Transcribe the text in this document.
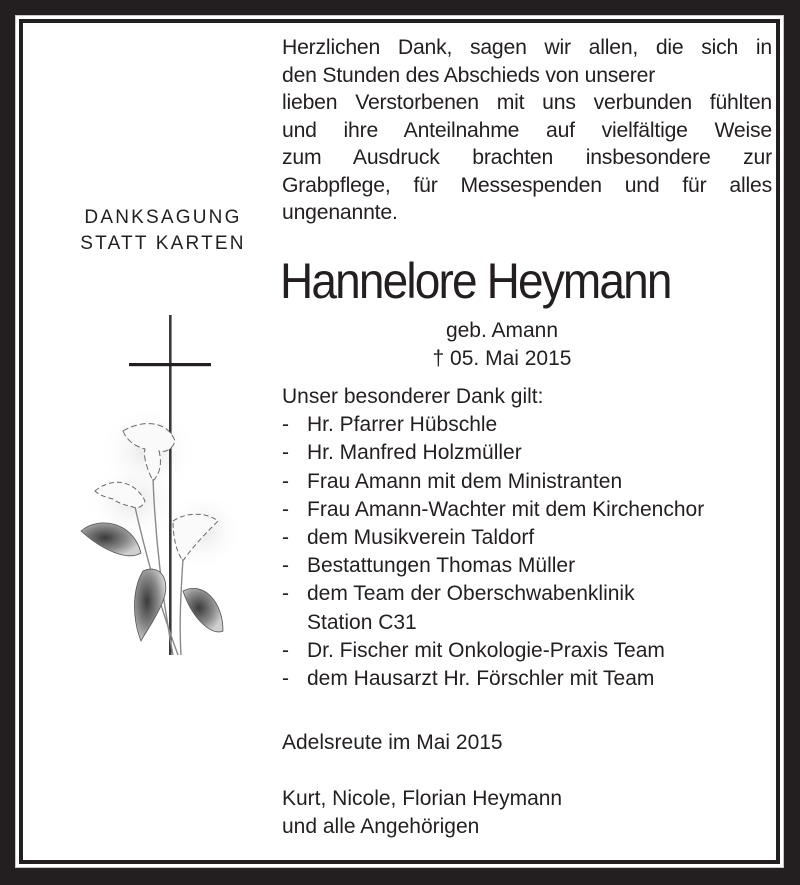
DANKSAGUNG
STATT KARTEN
Herzlichen Dank, sagen wir allen, die sich in
den Stunden des Abschieds von unserer
lieben Verstorbenen mit uns verbunden fühlten
und ihre Anteilnahme auf vielfältige Weise
zum Ausdruck brachten insbesondere zur
Grabpflege, für Messespenden und für alles
ungenannte.
Hannelore Heymann
geb. Amann
† 05. Mai 2015
Unser besonderer Dank gilt:
- Hr. Pfarrer Hübschle
- Hr. Manfred Holzmüller
- Frau Amann mit dem Ministranten
- Frau Amann-Wachter mit dem Kirchenchor
- dem Musikverein Taldorf
- Bestattungen Thomas Müller
- dem Team der Oberschwabenklinik
Station C31
- Dr. Fischer mit Onkologie-Praxis Team
- dem Hausarzt Hr. Förschler mit Team
Adelsreute im Mai 2015
Kurt, Nicole, Florian Heymann
und alle Angehörigen
